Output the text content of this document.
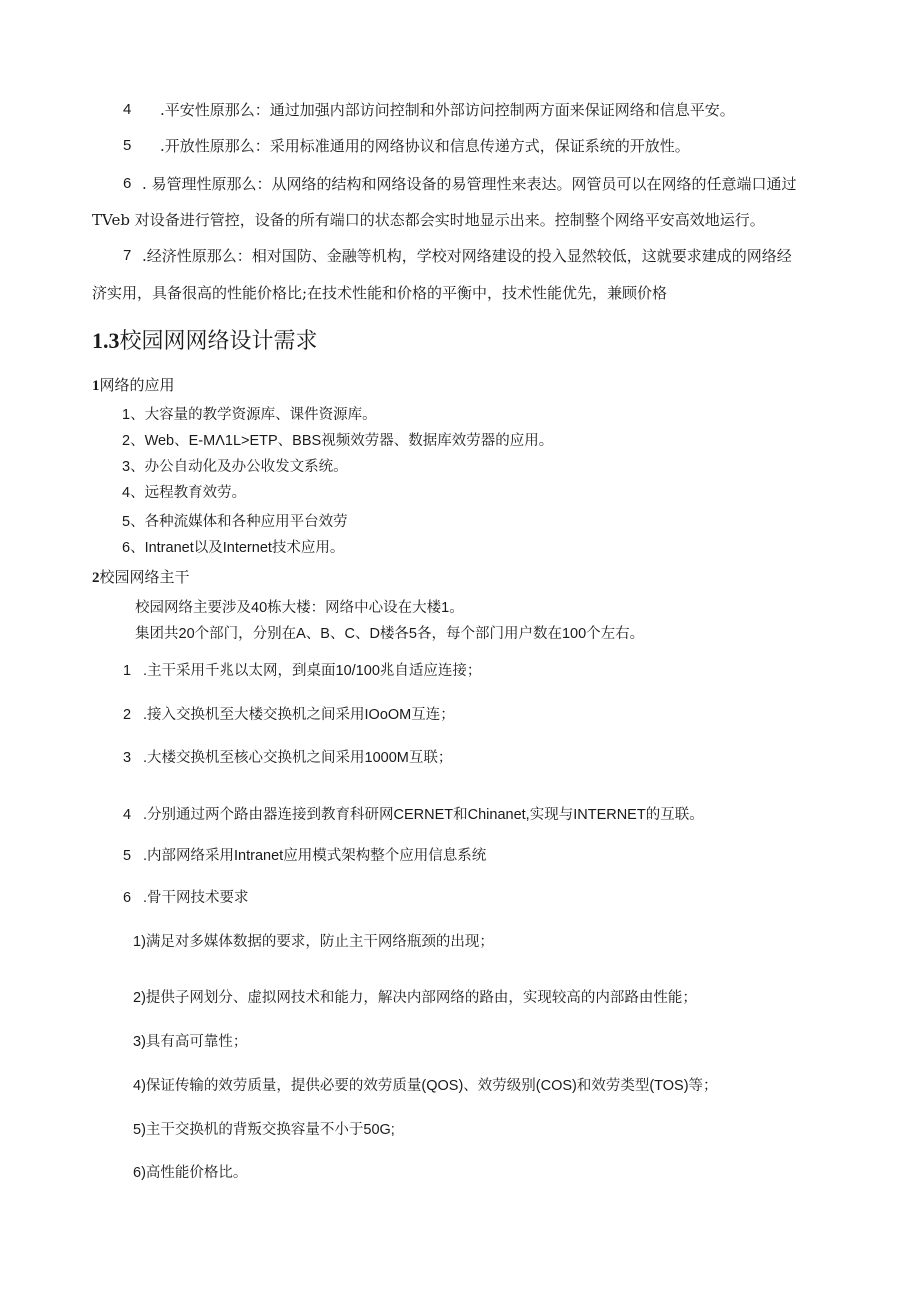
4 .平安性原那么：通过加强内部访问控制和外部访问控制两方面来保证网络和信息平安。
5 .开放性原那么：采用标准通用的网络协议和信息传递方式，保证系统的开放性。
6 . 易管理性原那么：从网络的结构和网络设备的易管理性来表达。网管员可以在网络的任意端口通过
TVeb 对设备进行管控，设备的所有端口的状态都会实时地显示出来。控制整个网络平安高效地运行。
7 .经济性原那么：相对国防、金融等机构，学校对网络建设的投入显然较低，这就要求建成的网络经
济实用，具备很高的性能价格比;在技术性能和价格的平衡中，技术性能优先，兼顾价格
1.3校园网网络设计需求
1网络的应用
1、大容量的教学资源库、课件资源库。
2、Web、E-MΛ1L>ETP、BBS视频效劳器、数据库效劳器的应用。
3、办公自动化及办公收发文系统。
4、远程教育效劳。
5、各种流媒体和各种应用平台效劳
6、Intranet以及Internet技术应用。
2校园网络主干
校园网络主要涉及40栋大楼：网络中心设在大楼1。
集团共20个部门，分别在A、B、C、D楼各5各，每个部门用户数在100个左右。
1 .主干采用千兆以太网，到桌面10/100兆自适应连接；
2 .接入交换机至大楼交换机之间采用IOoOM互连；
3 .大楼交换机至核心交换机之间采用1000M互联；
4 .分别通过两个路由器连接到教育科研网CERNET和Chinanet,实现与INTERNET的互联。
5 .内部网络采用Intranet应用模式架构整个应用信息系统
6 .骨干网技术要求
1)满足对多媒体数据的要求，防止主干网络瓶颈的出现；
2)提供子网划分、虚拟网技术和能力，解决内部网络的路由，实现较高的内部路由性能；
3)具有高可靠性；
4)保证传输的效劳质量，提供必要的效劳质量(QOS)、效劳级别(COS)和效劳类型(TOS)等；
5)主干交换机的背叛交换容量不小于50G;
6)高性能价格比。
